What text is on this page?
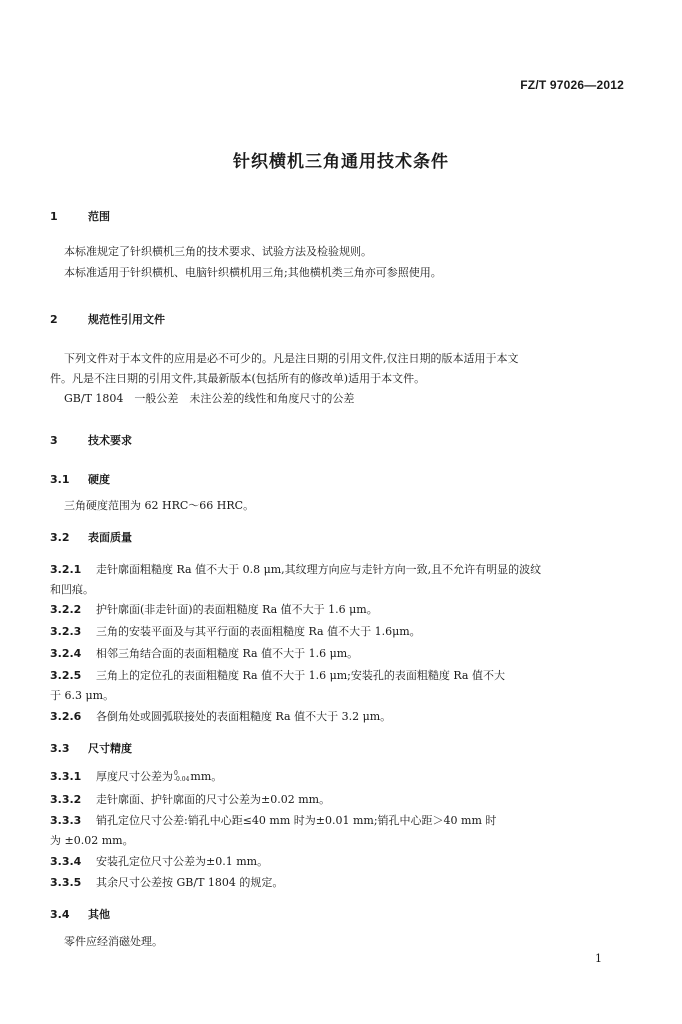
FZ/T 97026—2012
针织横机三角通用技术条件
1	范围
本标准规定了针织横机三角的技术要求、试验方法及检验规则。
本标准适用于针织横机、电脑针织横机用三角;其他横机类三角亦可参照使用。
2	规范性引用文件
下列文件对于本文件的应用是必不可少的。凡是注日期的引用文件,仅注日期的版本适用于本文
件。凡是不注日期的引用文件,其最新版本(包括所有的修改单)适用于本文件。
GB/T 1804　一般公差　未注公差的线性和角度尺寸的公差
3	技术要求
3.1 硬度
三角硬度范围为 62 HRC～66 HRC。
3.2 表面质量
3.2.1 走针廓面粗糙度 Ra 值不大于 0.8 μm,其纹理方向应与走针方向一致,且不允许有明显的波纹
和凹痕。
3.2.2 护针廓面(非走针面)的表面粗糙度 Ra 值不大于 1.6 μm。
3.2.3 三角的安装平面及与其平行面的表面粗糙度 Ra 值不大于 1.6μm。
3.2.4 相邻三角结合面的表面粗糙度 Ra 值不大于 1.6 μm。
3.2.5 三角上的定位孔的表面粗糙度 Ra 值不大于 1.6 μm;安装孔的表面粗糙度 Ra 值不大
于 6.3 μm。
3.2.6 各倒角处或圆弧联接处的表面粗糙度 Ra 值不大于 3.2 μm。
3.3 尺寸精度
3.3.1 厚度尺寸公差为 0
-0.04 mm。
3.3.2 走针廓面、护针廓面的尺寸公差为±0.02 mm。
3.3.3 销孔定位尺寸公差:销孔中心距≤40 mm 时为±0.01 mm;销孔中心距＞40 mm 时
为 ±0.02 mm。
3.3.4 安装孔定位尺寸公差为±0.1 mm。
3.3.5 其余尺寸公差按 GB/T 1804 的规定。
3.4 其他
零件应经消磁处理。
1
